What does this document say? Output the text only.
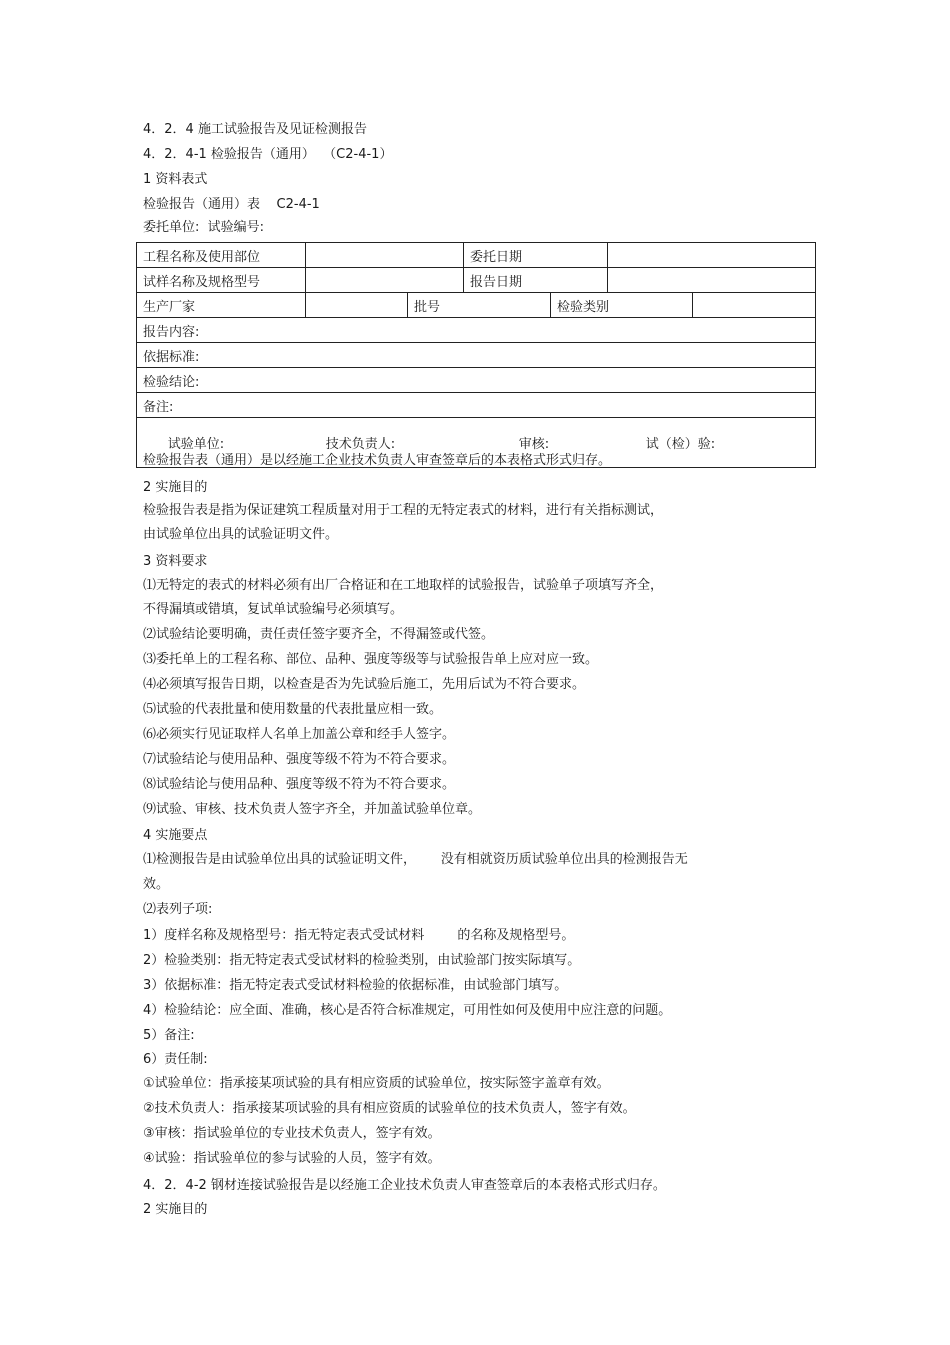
4．2．4 施工试验报告及见证检测报告
4．2．4-1 检验报告（通用）  （C2-4-1）
1 资料表式
检验报告（通用）表    C2-4-1
委托单位:  试验编号:
工程名称及使用部位			委托日期			
试样名称及规格型号			报告日期			
生产厂家		批号		检验类别		
报告内容:						
依据标准:						
检验结论:						
备注:						

试验单位: 技术负责人: 审核: 试（检）验:						

检验报告表（通用）是以经施工企业技术负责人审查签章后的本表格式形式归存。
2 实施目的
检验报告表是指为保证建筑工程质量对用于工程的无特定表式的材料，进行有关指标测试，
由试验单位出具的试验证明文件。
3 资料要求
⑴无特定的表式的材料必须有出厂合格证和在工地取样的试验报告，试验单子项填写齐全，
不得漏填或错填，复试单试验编号必须填写。
⑵试验结论要明确，责任责任签字要齐全，不得漏签或代签。
⑶委托单上的工程名称、部位、品种、强度等级等与试验报告单上应对应一致。
⑷必须填写报告日期，以检查是否为先试验后施工，先用后试为不符合要求。
⑸试验的代表批量和使用数量的代表批量应相一致。
⑹必须实行见证取样人名单上加盖公章和经手人签字。
⑺试验结论与使用品种、强度等级不符为不符合要求。
⑻试验结论与使用品种、强度等级不符为不符合要求。
⑼试验、审核、技术负责人签字齐全，并加盖试验单位章。
4 实施要点
⑴检测报告是由试验单位出具的试验证明文件，      没有相就资历质试验单位出具的检测报告无
效。
⑵表列子项:
1）度样名称及规格型号：指无特定表式受试材料        的名称及规格型号。
2）检验类别：指无特定表式受试材料的检验类别，由试验部门按实际填写。
3）依据标准：指无特定表式受试材料检验的依据标准，由试验部门填写。
4）检验结论：应全面、准确，核心是否符合标准规定，可用性如何及使用中应注意的问题。
5）备注:
6）责任制:
①试验单位：指承接某项试验的具有相应资质的试验单位，按实际签字盖章有效。
②技术负责人：指承接某项试验的具有相应资质的试验单位的技术负责人，签字有效。
③审核：指试验单位的专业技术负责人，签字有效。
④试验：指试验单位的参与试验的人员，签字有效。
4．2．4-2 钢材连接试验报告是以经施工企业技术负责人审查签章后的本表格式形式归存。
2 实施目的
